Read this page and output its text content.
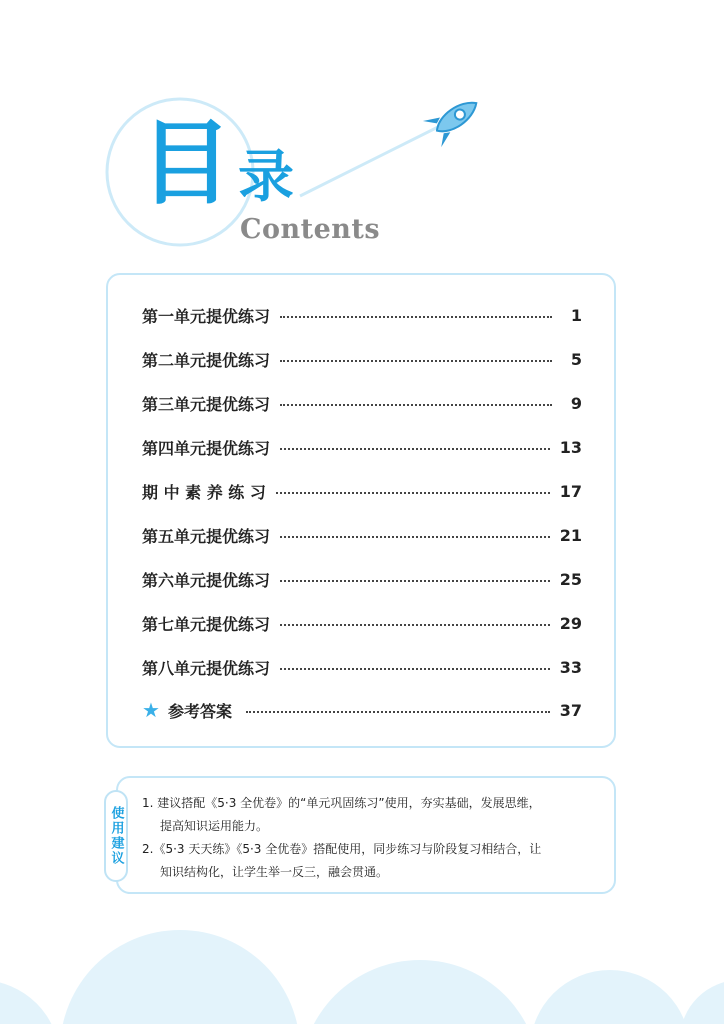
目 录
Contents
第一单元提优练习	1
第二单元提优练习	5
第三单元提优练习	9
第四单元提优练习	13
期 中 素 养 练 习	17
第五单元提优练习	21
第六单元提优练习	25
第七单元提优练习	29
第八单元提优练习	33
★ 参考答案	37
使用建议
1. 建议搭配《5·3 全优卷》的“单元巩固练习”使用，夯实基础，发展思维，
提高知识运用能力。
2.《5·3 天天练》《5·3 全优卷》搭配使用，同步练习与阶段复习相结合，让
知识结构化，让学生举一反三，融会贯通。
